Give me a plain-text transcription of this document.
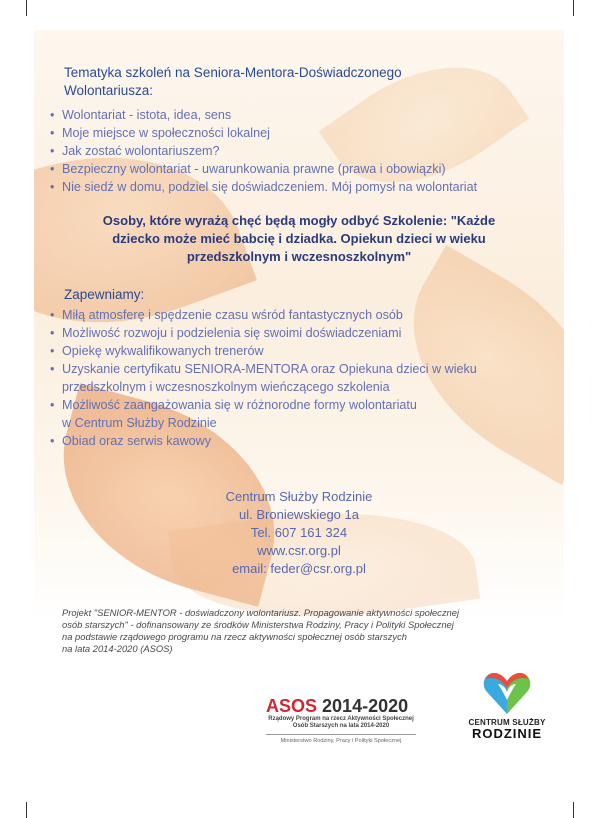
Tematyka szkoleń na Seniora-Mentora-Doświadczonego
Wolontariusza:
• Wolontariat - istota, idea, sens
• Moje miejsce w społeczności lokalnej
• Jak zostać wolontariuszem?
• Bezpieczny wolontariat - uwarunkowania prawne (prawa i obowiązki)
• Nie siedź w domu, podziel się doświadczeniem. Mój pomysł na wolontariat
Osoby, które wyrażą chęć będą mogły odbyć Szkolenie: "Każde
dziecko może mieć babcię i dziadka. Opiekun dzieci w wieku
przedszkolnym i wczesnoszkolnym"
Zapewniamy:
• Miłą atmosferę i spędzenie czasu wśród fantastycznych osób
• Możliwość rozwoju i podzielenia się swoimi doświadczeniami
• Opiekę wykwalifikowanych trenerów
• Uzyskanie certyfikatu SENIORA-MENTORA oraz Opiekuna dzieci w wieku
przedszkolnym i wczesnoszkolnym wieńczącego szkolenia
• Możliwość zaangażowania się w różnorodne formy wolontariatu
w Centrum Służby Rodzinie
• Obiad oraz serwis kawowy
Centrum Służby Rodzinie
ul. Broniewskiego 1a
Tel. 607 161 324
www.csr.org.pl
email: feder@csr.org.pl
Projekt "SENIOR-MENTOR - doświadczony wolontariusz. Propagowanie aktywności społecznej
osób starszych" - dofinansowany ze środków Ministerstwa Rodziny, Pracy i Polityki Społecznej
na podstawie rządowego programu na rzecz aktywności społecznej osób starszych
na lata 2014-2020 (ASOS)
ASOS 2014-2020
Rządowy Program na rzecz Aktywności Społecznej
Osób Starszych na lata 2014-2020
Ministerstwo Rodziny, Pracy i Polityki Społecznej
CENTRUM SŁUŻBY
RODZINIE
